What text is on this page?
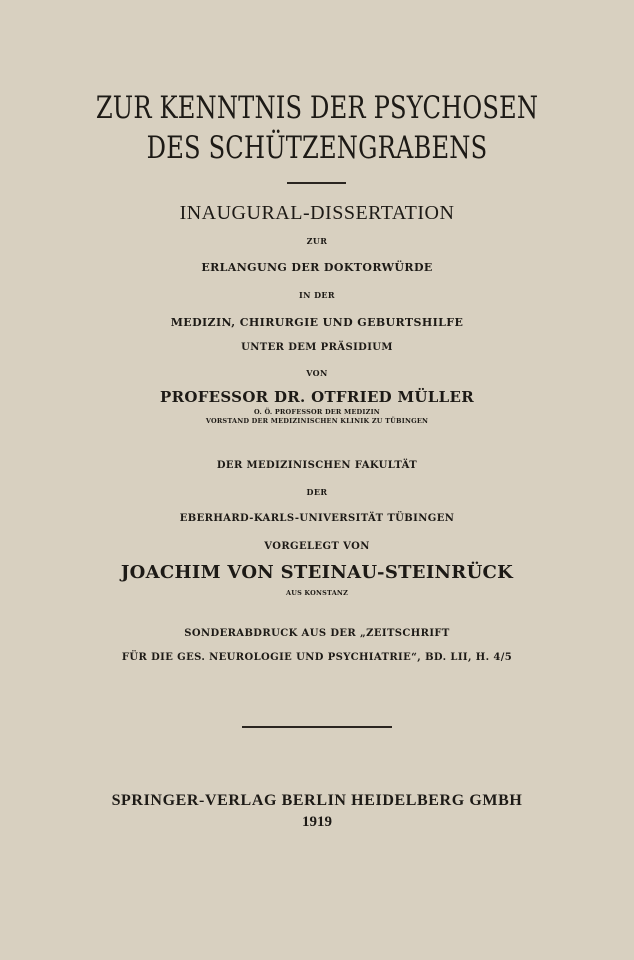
ZUR KENNTNIS DER PSYCHOSEN
DES SCHÜTZENGRABENS
INAUGURAL-DISSERTATION
ZUR
ERLANGUNG DER DOKTORWÜRDE
IN DER
MEDIZIN, CHIRURGIE UND GEBURTSHILFE
UNTER DEM PRÄSIDIUM
VON
PROFESSOR DR. OTFRIED MÜLLER
O. Ö. PROFESSOR DER MEDIZIN
VORSTAND DER MEDIZINISCHEN KLINIK ZU TÜBINGEN
DER MEDIZINISCHEN FAKULTÄT
DER
EBERHARD-KARLS-UNIVERSITÄT TÜBINGEN
VORGELEGT VON
JOACHIM VON STEINAU-STEINRÜCK
AUS KONSTANZ
SONDERABDRUCK AUS DER „ZEITSCHRIFT
FÜR DIE GES. NEUROLOGIE UND PSYCHIATRIE“, BD. LII, H. 4/5
SPRINGER-VERLAG BERLIN HEIDELBERG GMBH
1919
